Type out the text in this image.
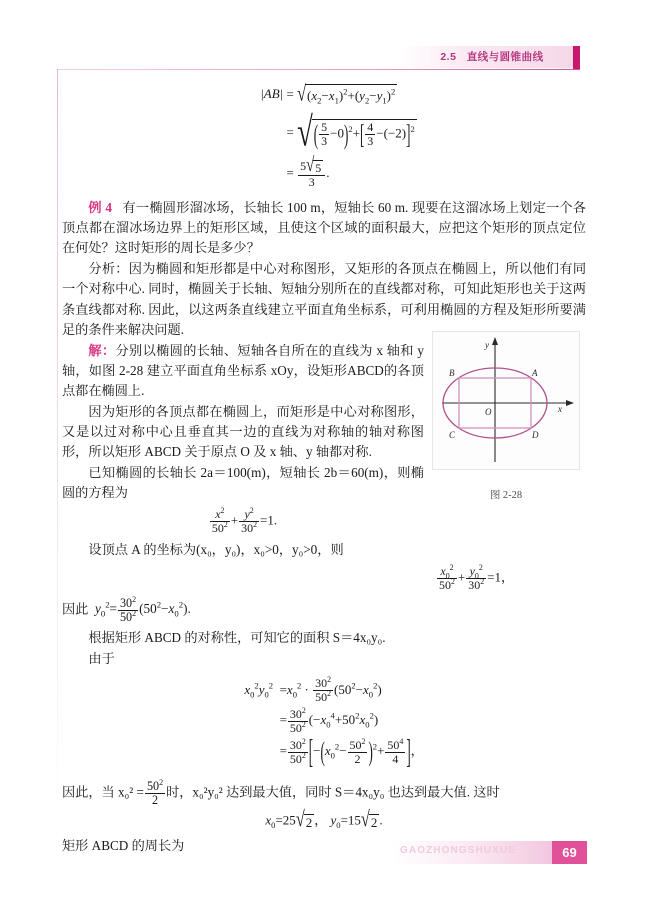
2.5 直线与圆锥曲线
x
y
O
A
B
C	D
图 2-28
$|AB| = √(x_2-x_1)^2+(y_2-y_1)^2$
= √( $\frac{5}{3} -0)^2+[ \frac{4}{3} -(-2)]^2$
= $\frac{5√5}{3}$ .

例 4 有一椭圆形溜冰场，长轴长 100 m，短轴长 60 m. 现要在这溜冰场上划定一个各顶点都在溜冰场边界上的矩形区域，且使这个区域的面积最大，应把这个矩形的顶点定位在何处？这时矩形的周长是多少？

分析：因为椭圆和矩形都是中心对称图形，又矩形的各顶点在椭圆上，所以他们有同一个对称中心. 同时，椭圆关于长轴、短轴分别所在的直线都对称，可知此矩形也关于这两条直线都对称. 因此，以这两条直线建立平面直角坐标系，可利用椭圆的方程及矩形所要满足的条件来解决问题.

解：分别以椭圆的长轴、短轴各自所在的直线为 x 轴和 y 轴，如图 2-28 建立平面直角坐标系 xOy，设矩形ABCD的各顶点都在椭圆上.

因为矩形的各顶点都在椭圆上，而矩形是中心对称图形，又是以过对称中心且垂直其一边的直线为对称轴的轴对称图形，所以矩形 ABCD 关于原点 O 及 x 轴、y 轴都对称.

已知椭圆的长轴长 2a＝100(m)，短轴长 2b＝60(m)，则椭圆的方程为

$\frac{x^2}{50^2} + \frac{y^2}{30^2} =1$.

设顶点 A 的坐标为(x₀，y₀)，x₀>0，y₀>0，则

$\frac{x_0^2}{50^2} + \frac{y_0^2}{30^2} =1$，

因此 $y_0^2= \frac{30^2}{50^2} (50^2-x_0^2)$.

根据矩形 ABCD 的对称性，可知它的面积 S＝4x₀y₀.

由于

$x_0^2y_0^2 =x_0^2 \cdot \frac{30^2}{50^2} (50^2-x_0^2)$
= $\frac{30^2}{50^2} (-x_0^4+50^2x_0^2)$
= $\frac{30^2}{50^2} [-(x_0^2- \frac{50^2}{2} )^2+ \frac{50^4}{4}$ ]，

因此，当 $x_0^2 = \frac{50^2}{2}$ 时，x₀²y₀² 达到最大值，同时 S＝4x₀y₀ 也达到最大值. 这时

$x_0=25√2$ ， $y_0=15√2$ .

矩形 ABCD 的周长为	GAOZHONGSHUXUE	69
